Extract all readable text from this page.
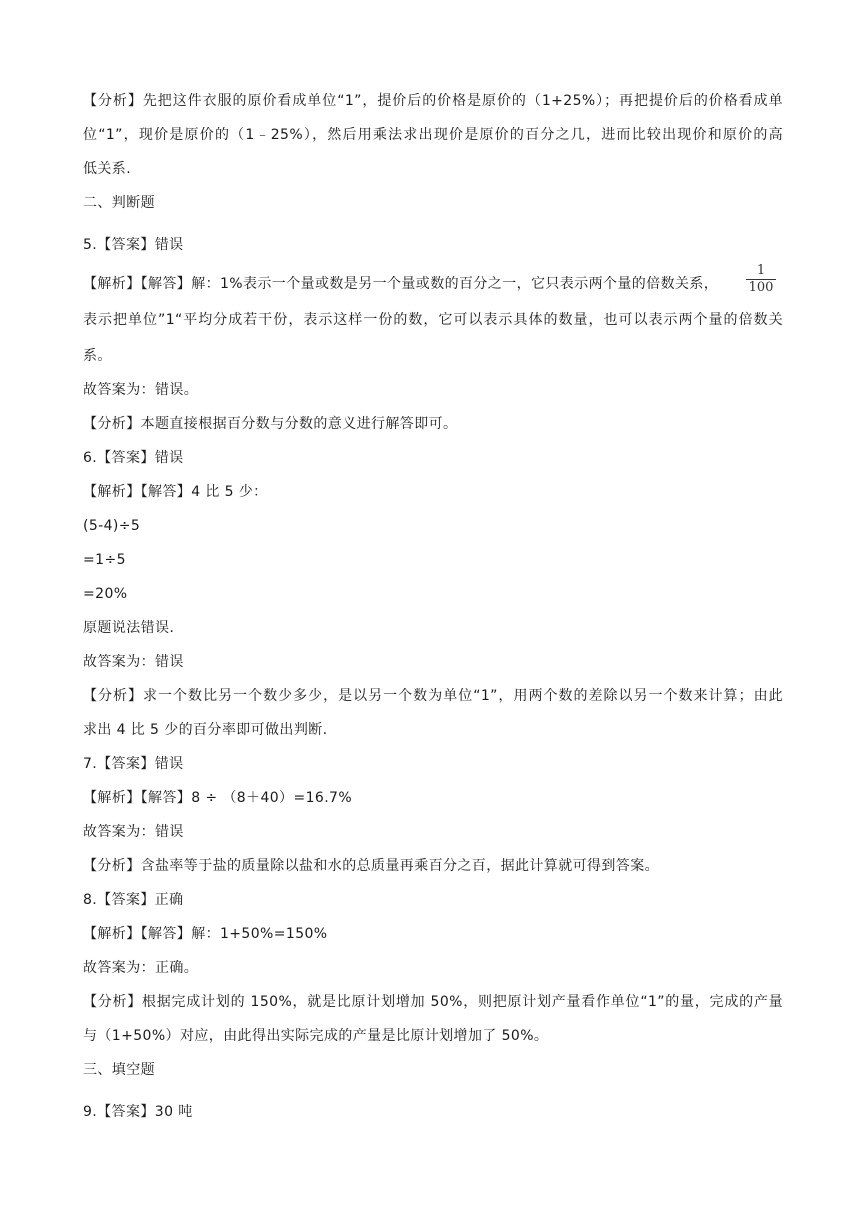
【分析】先把这件衣服的原价看成单位“1”，提价后的价格是原价的（1+25%）；再把提价后的价格看成单
位“1”，现价是原价的（1﹣25%），然后用乘法求出现价是原价的百分之几，进而比较出现价和原价的高
低关系.
二、判断题
5.【答案】错误
【解析】【解答】解：1%表示一个量或数是另一个量或数的百分之一，它只表示两个量的倍数关系，
表示把单位”1“平均分成若干份，表示这样一份的数，它可以表示具体的数量，也可以表示两个量的倍数关
系。
故答案为：错误。
【分析】本题直接根据百分数与分数的意义进行解答即可。
6.【答案】错误
【解析】【解答】4 比 5 少：
(5-4)÷5
=1÷5
=20%
原题说法错误.
故答案为：错误
【分析】求一个数比另一个数少多少，是以另一个数为单位“1”，用两个数的差除以另一个数来计算；由此
求出 4 比 5 少的百分率即可做出判断.
7.【答案】错误
【解析】【解答】8 ÷ （8＋40）=16.7%
故答案为：错误
【分析】含盐率等于盐的质量除以盐和水的总质量再乘百分之百，据此计算就可得到答案。
8.【答案】正确
【解析】【解答】解：1+50%=150%
故答案为：正确。
【分析】根据完成计划的 150%，就是比原计划增加 50%，则把原计划产量看作单位“1”的量，完成的产量
与（1+50%）对应，由此得出实际完成的产量是比原计划增加了 50%。
三、填空题
9.【答案】30 吨
1
100
